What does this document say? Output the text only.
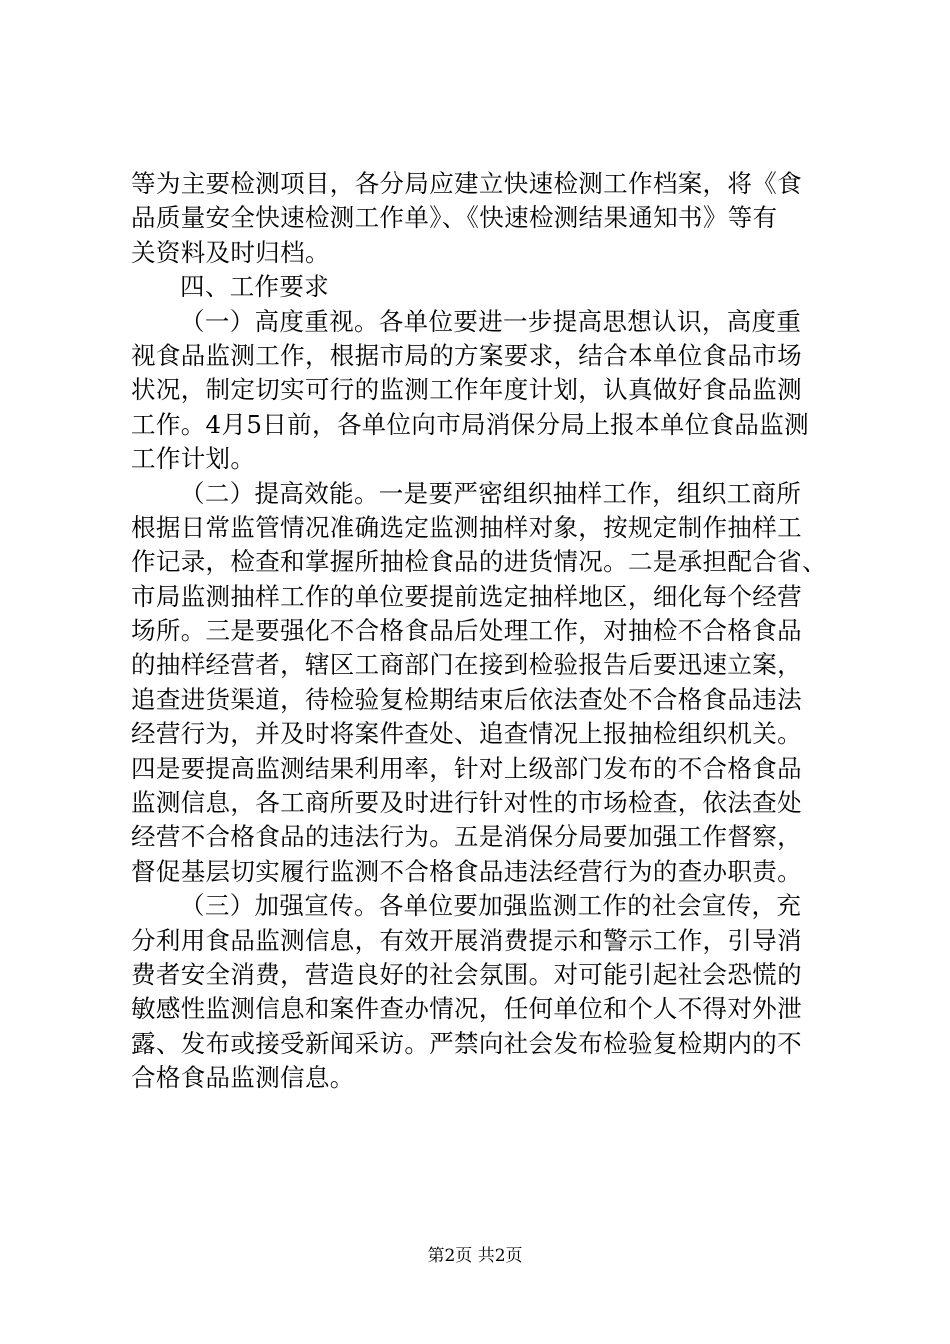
等为主要检测项目，各分局应建立快速检测工作档案，将《食
品质量安全快速检测工作单》、《快速检测结果通知书》等有
关资料及时归档。
四、工作要求
（一）高度重视。各单位要进一步提高思想认识，高度重
视食品监测工作，根据市局的方案要求，结合本单位食品市场
状况，制定切实可行的监测工作年度计划，认真做好食品监测
工作。4月5日前，各单位向市局消保分局上报本单位食品监测
工作计划。
（二）提高效能。一是要严密组织抽样工作，组织工商所
根据日常监管情况准确选定监测抽样对象，按规定制作抽样工
作记录，检查和掌握所抽检食品的进货情况。二是承担配合省、
市局监测抽样工作的单位要提前选定抽样地区，细化每个经营
场所。三是要强化不合格食品后处理工作，对抽检不合格食品
的抽样经营者，辖区工商部门在接到检验报告后要迅速立案，
追查进货渠道，待检验复检期结束后依法查处不合格食品违法
经营行为，并及时将案件查处、追查情况上报抽检组织机关。
四是要提高监测结果利用率，针对上级部门发布的不合格食品
监测信息，各工商所要及时进行针对性的市场检查，依法查处
经营不合格食品的违法行为。五是消保分局要加强工作督察，
督促基层切实履行监测不合格食品违法经营行为的查办职责。
（三）加强宣传。各单位要加强监测工作的社会宣传，充
分利用食品监测信息，有效开展消费提示和警示工作，引导消
费者安全消费，营造良好的社会氛围。对可能引起社会恐慌的
敏感性监测信息和案件查办情况，任何单位和个人不得对外泄
露、发布或接受新闻采访。严禁向社会发布检验复检期内的不
合格食品监测信息。
第2页 共2页
